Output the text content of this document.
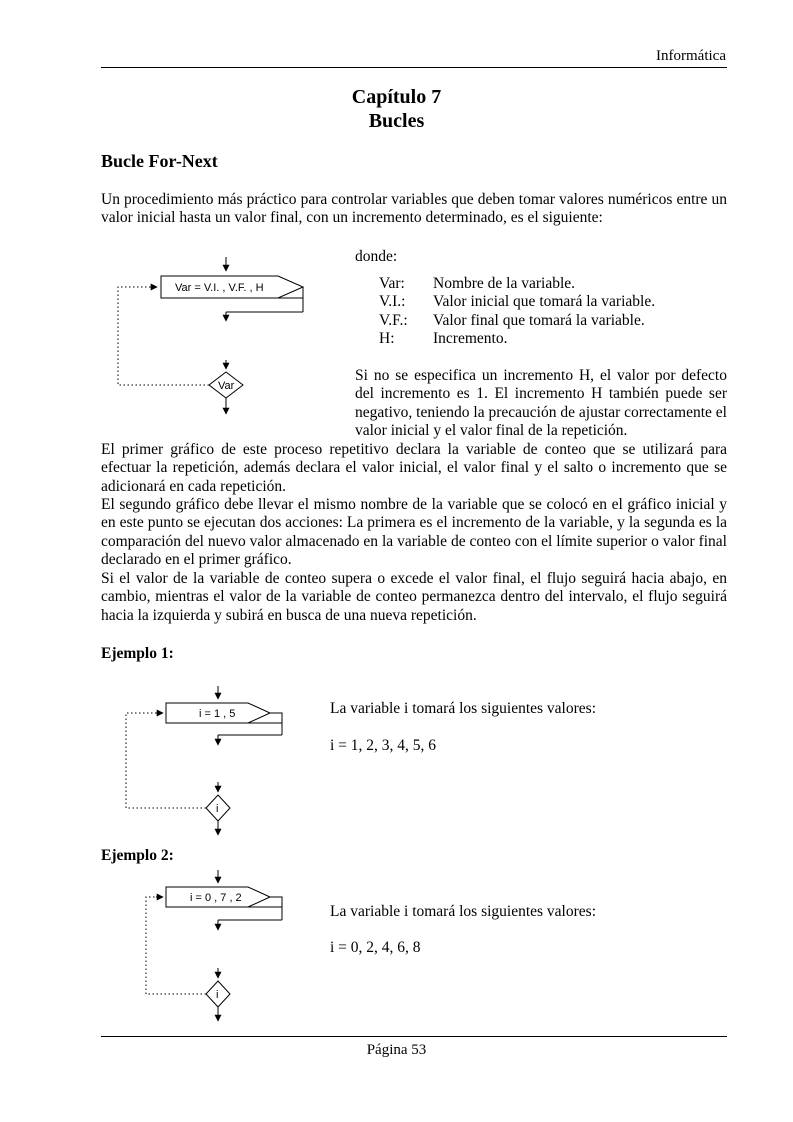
Informática
Capítulo 7
Bucles
Bucle For-Next

Un procedimiento más práctico para controlar variables que deben tomar valores numéricos entre un valor inicial hasta un valor final, con un incremento determinado, es el siguiente:

Var = V.I. , V.F. , H
Var
i = 1 , 5
i
i = 0 , 7 , 2
i
donde:
Var: Nombre de la variable.
V.I.: Valor inicial que tomará la variable.
V.F.: Valor final que tomará la variable.
H: Incremento.

Si no se especifica un incremento H, el valor por defecto del incremento es 1. El incremento H también puede ser negativo, teniendo la precaución de ajustar correctamente el valor inicial y el valor final de la repetición.

El primer gráfico de este proceso repetitivo declara la variable de conteo que se utilizará para efectuar la repetición, además declara el valor inicial, el valor final y el salto o incremento que se adicionará en cada repetición.

El segundo gráfico debe llevar el mismo nombre de la variable que se colocó en el gráfico inicial y en este punto se ejecutan dos acciones: La primera es el incremento de la variable, y la segunda es la comparación del nuevo valor almacenado en la variable de conteo con el límite superior o valor final declarado en el primer gráfico.

Si el valor de la variable de conteo supera o excede el valor final, el flujo seguirá hacia abajo, en cambio, mientras el valor de la variable de conteo permanezca dentro del intervalo, el flujo seguirá hacia la izquierda y subirá en busca de una nueva repetición.

Ejemplo 1:
La variable i tomará los siguientes valores:
i = 1, 2, 3, 4, 5, 6
Ejemplo 2:
La variable i tomará los siguientes valores:
i = 0, 2, 4, 6, 8
Página 53
